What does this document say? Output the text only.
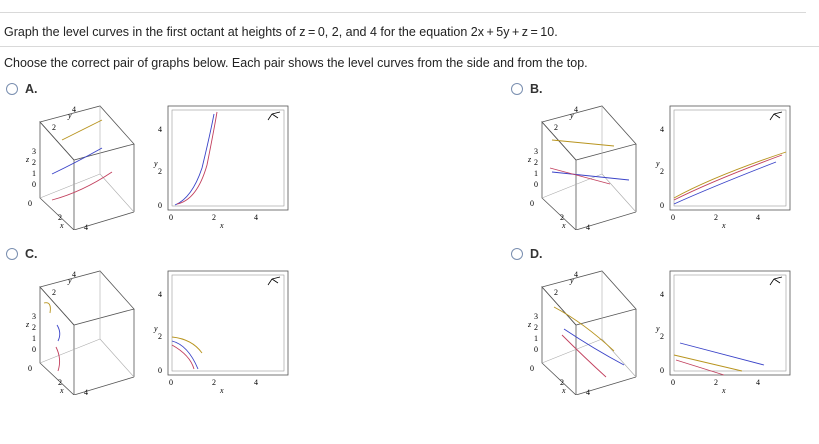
Graph the level curves in the first octant at heights of z = 0, 2, and 4 for the equation 2x + 5y + z = 10.
Choose the correct pair of graphs below. Each pair shows the level curves from the side and from the top.
A.	B.
C.	D.
y
2
4
z
3
2
1
0
0
2
x	4
4
y
2
0
0	2
x
4
y
2
4
z
3
2
1
0
0
2
x	4
4
y
2
0
0	2
x
4
y
2
4
z
3
2
1
0
0
2
x	4
4
y
2
0
0	2
x
4
y
2
4
z
3
2
1
0
0
2
x	4
4
y
2
0
0	2
x
4
